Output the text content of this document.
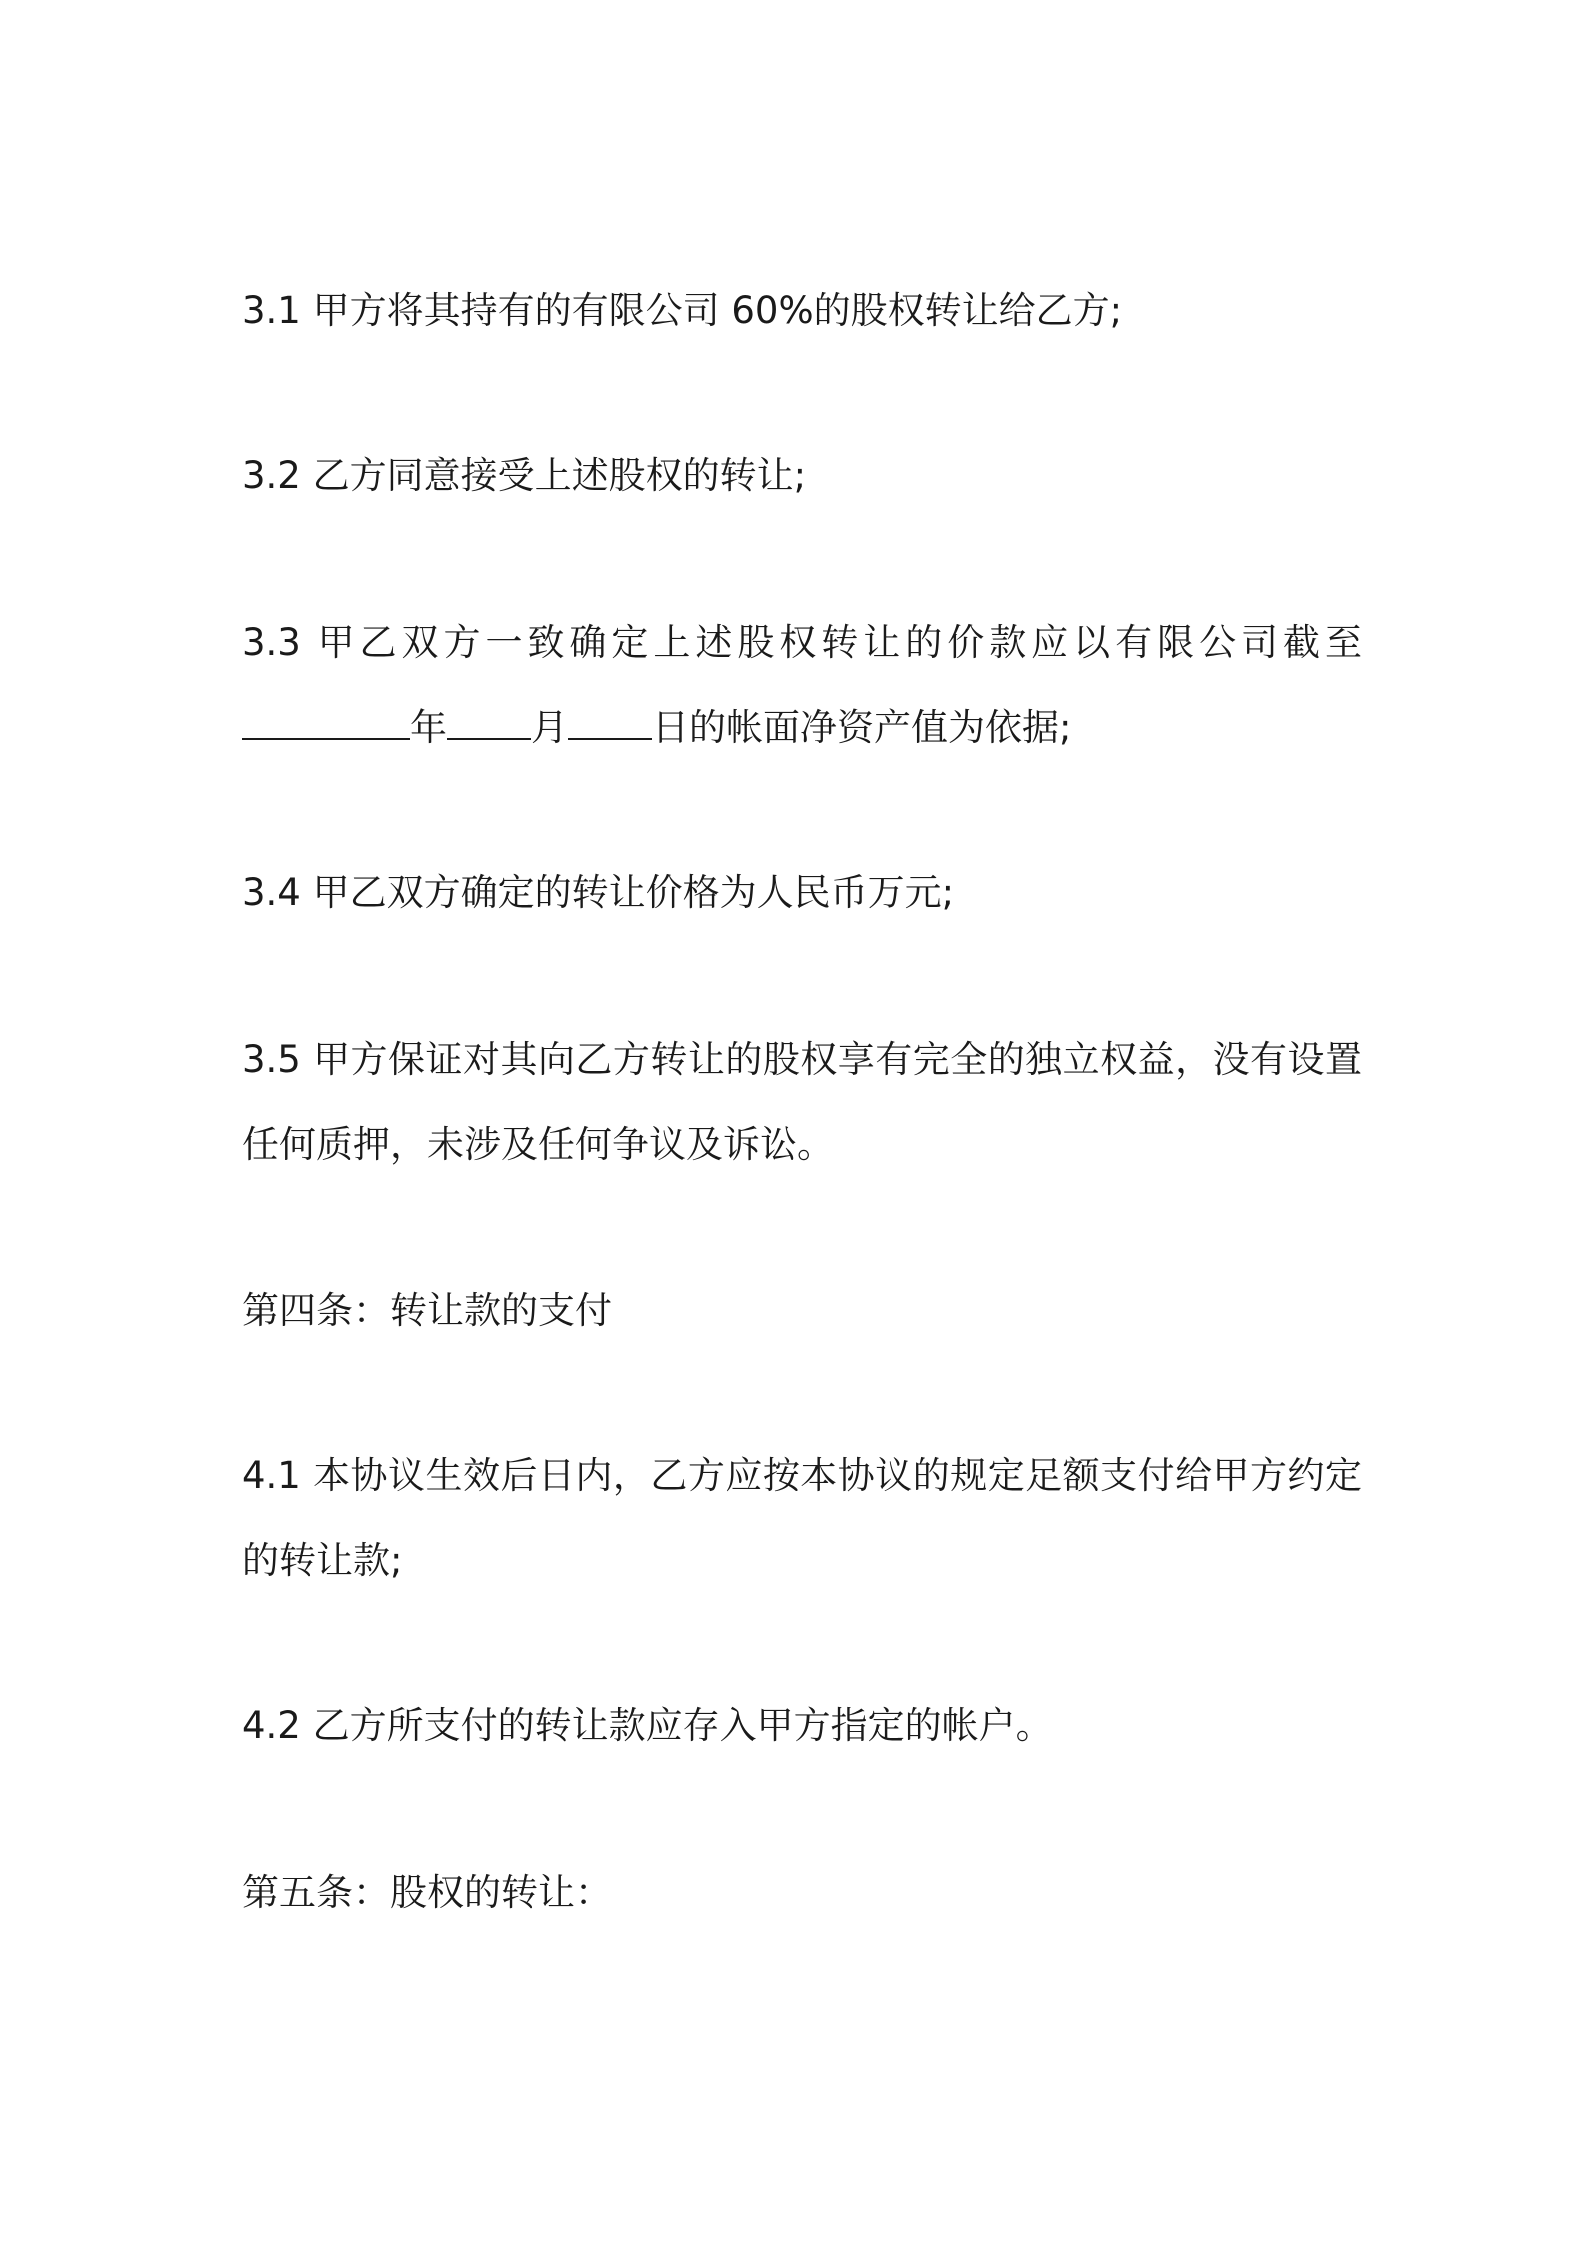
3.1 甲方将其持有的有限公司 60%的股权转让给乙方;

3.2 乙方同意接受上述股权的转让;

3.3 甲乙双方一致确定上述股权转让的价款应以有限公司截至
年 月 日的帐面净资产值为依据;

3.4 甲乙双方确定的转让价格为人民币万元;

3.5 甲方保证对其向乙方转让的股权享有完全的独立权益，没有设置
任何质押，未涉及任何争议及诉讼。

第四条：转让款的支付

4.1 本协议生效后日内，乙方应按本协议的规定足额支付给甲方约定
的转让款;

4.2 乙方所支付的转让款应存入甲方指定的帐户。

第五条：股权的转让：
